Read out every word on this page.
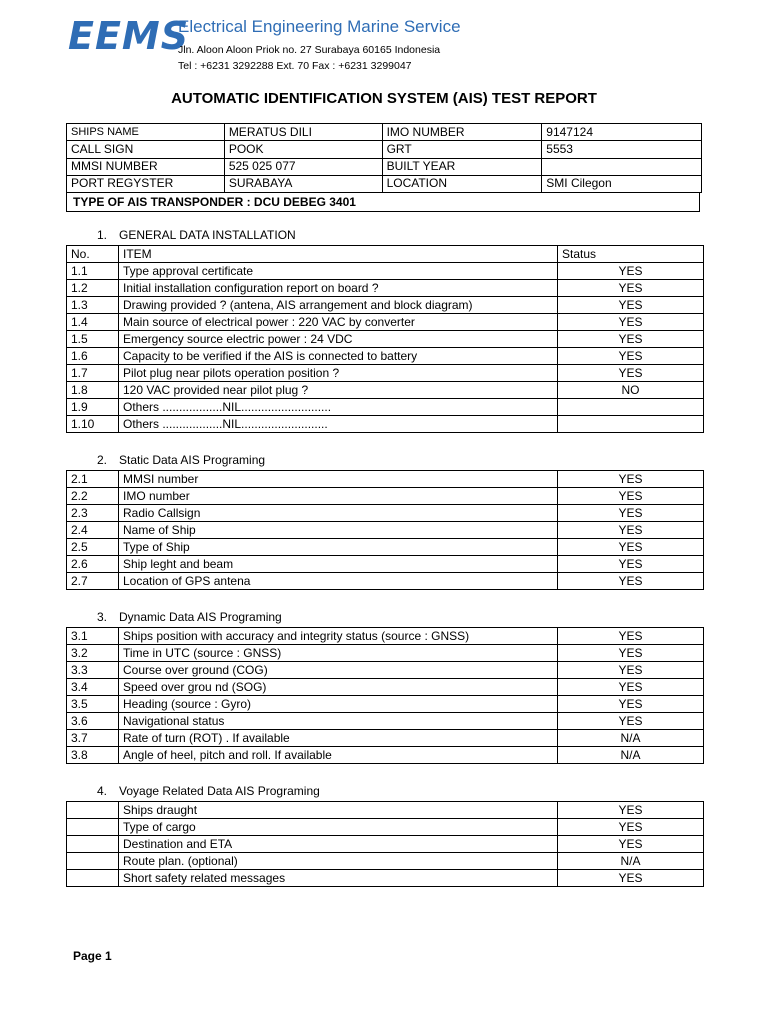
EEMS
Electrical Engineering Marine Service
Jln. Aloon Aloon Priok no. 27 Surabaya 60165 Indonesia
Tel : +6231 3292288 Ext. 70 Fax : +6231 3299047
AUTOMATIC IDENTIFICATION SYSTEM (AIS) TEST REPORT
SHIPS NAME	MERATUS DILI	IMO NUMBER	9147124
CALL SIGN	POOK	GRT	5553
MMSI NUMBER	525 025 077	BUILT YEAR	
PORT REGYSTER	SURABAYA	LOCATION	SMI Cilegon
TYPE OF AIS TRANSPONDER : DCU DEBEG 3401
1. GENERAL DATA INSTALLATION
No.	ITEM	Status
1.1	Type approval certificate	YES
1.2	Initial installation configuration report on board ?	YES
1.3	Drawing provided ? (antena, AIS arrangement and block diagram)	YES
1.4	Main source of electrical power : 220 VAC by converter	YES
1.5	Emergency source electric power : 24 VDC	YES
1.6	Capacity to be verified if the AIS is connected to battery	YES
1.7	Pilot plug near pilots operation position ?	YES
1.8	120 VAC provided near pilot plug ?	NO
1.9	Others ..................NIL...........................	
1.10	Others ..................NIL..........................	
2. Static Data AIS Programing
2.1	MMSI number	YES
2.2	IMO number	YES
2.3	Radio Callsign	YES
2.4	Name of Ship	YES
2.5	Type of Ship	YES
2.6	Ship leght and beam	YES
2.7	Location of GPS antena	YES
3. Dynamic Data AIS Programing
3.1	Ships position with accuracy and integrity status (source : GNSS)	YES
3.2	Time in UTC (source : GNSS)	YES
3.3	Course over ground (COG)	YES
3.4	Speed over grou nd (SOG)	YES
3.5	Heading (source : Gyro)	YES
3.6	Navigational status	YES
3.7	Rate of turn (ROT) . If available	N/A
3.8	Angle of heel, pitch and roll. If available	N/A
4. Voyage Related Data AIS Programing
	Ships draught	YES
	Type of cargo	YES
	Destination and ETA	YES
	Route plan. (optional)	N/A
	Short safety related messages	YES
Page 1
